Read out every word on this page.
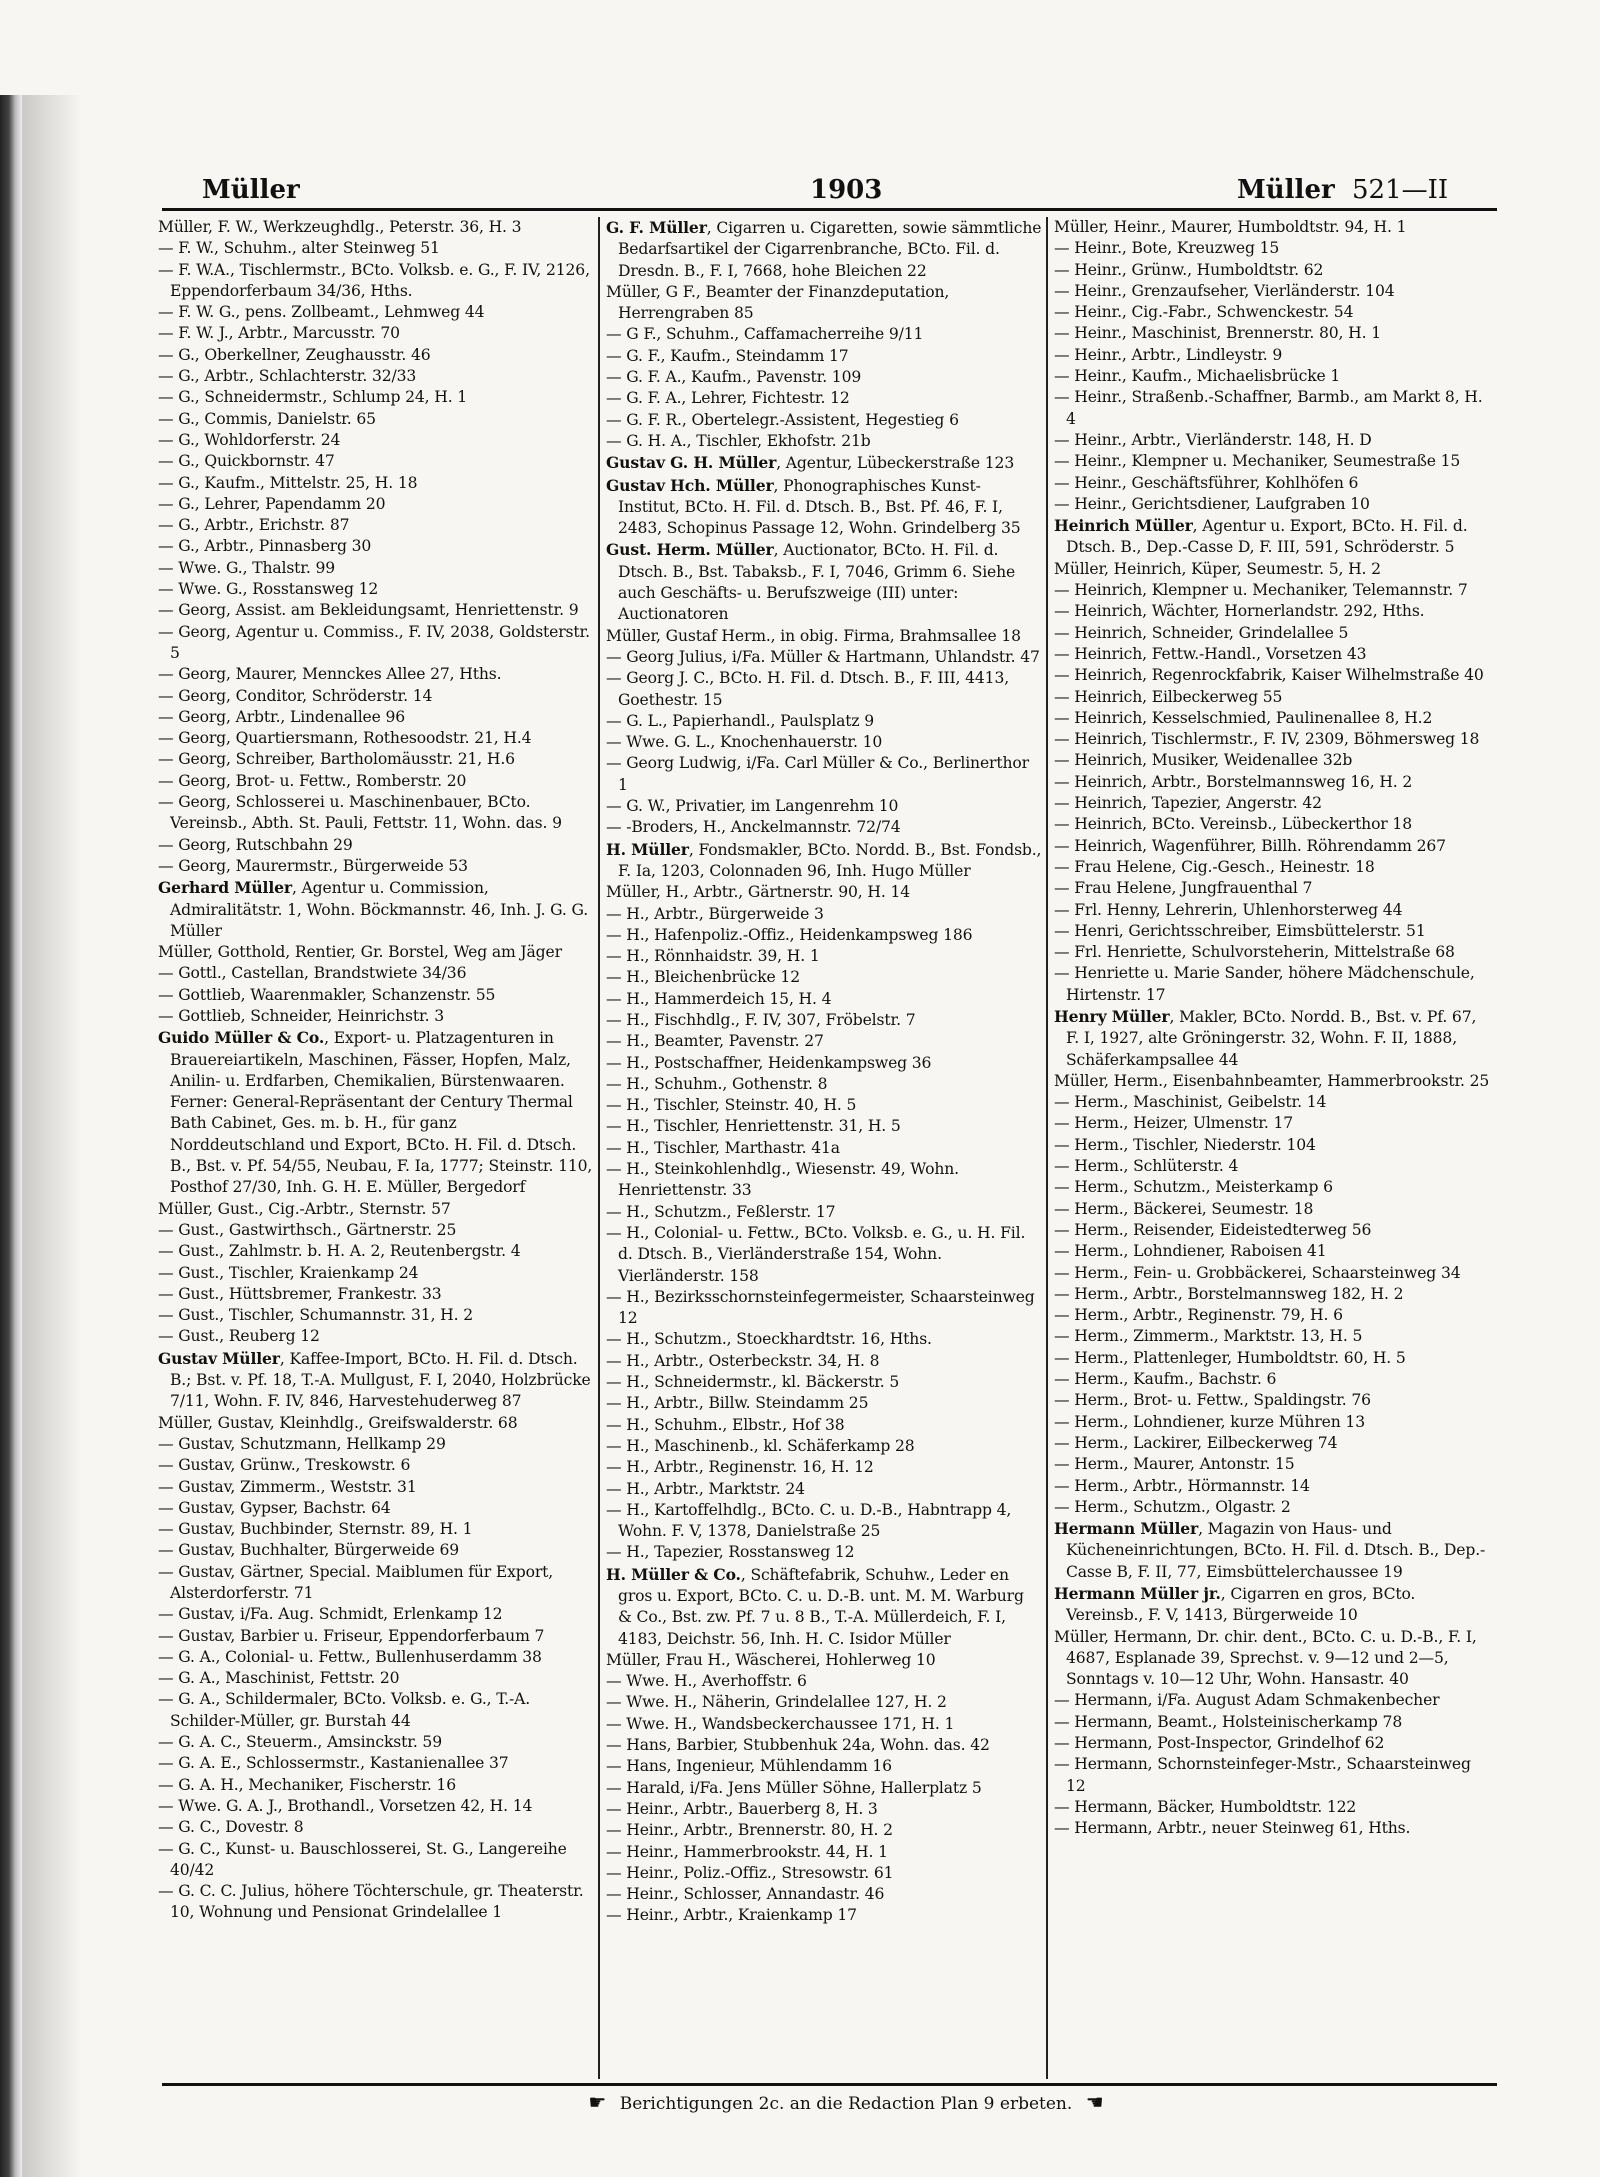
Müller	1903	Müller 521—II

Müller, F. W., Werkzeughdlg., Peterstr. 36, H. 3

— F. W., Schuhm., alter Steinweg 51

— F. W.A., Tischlermstr., BCto. Volksb. e. G., F. IV, 2126, Eppendorferbaum 34/36, Hths.

— F. W. G., pens. Zollbeamt., Lehmweg 44

— F. W. J., Arbtr., Marcusstr. 70

— G., Oberkellner, Zeughausstr. 46

— G., Arbtr., Schlachterstr. 32/33

— G., Schneidermstr., Schlump 24, H. 1

— G., Commis, Danielstr. 65

— G., Wohldorferstr. 24

— G., Quickbornstr. 47

— G., Kaufm., Mittelstr. 25, H. 18

— G., Lehrer, Papendamm 20

— G., Arbtr., Erichstr. 87

— G., Arbtr., Pinnasberg 30

— Wwe. G., Thalstr. 99

— Wwe. G., Rosstansweg 12

— Georg, Assist. am Bekleidungsamt, Henriettenstr. 9

— Georg, Agentur u. Commiss., F. IV, 2038, Goldsterstr. 5

— Georg, Maurer, Mennckes Allee 27, Hths.

— Georg, Conditor, Schröderstr. 14

— Georg, Arbtr., Lindenallee 96

— Georg, Quartiersmann, Rothesoodstr. 21, H.4

— Georg, Schreiber, Bartholomäusstr. 21, H.6

— Georg, Brot- u. Fettw., Romberstr. 20

— Georg, Schlosserei u. Maschinenbauer, BCto. Vereinsb., Abth. St. Pauli, Fettstr. 11, Wohn. das. 9

— Georg, Rutschbahn 29

— Georg, Maurermstr., Bürgerweide 53

Gerhard Müller, Agentur u. Commission, Admiralitätstr. 1, Wohn. Böckmannstr. 46, Inh. J. G. G. Müller

Müller, Gotthold, Rentier, Gr. Borstel, Weg am Jäger

— Gottl., Castellan, Brandstwiete 34/36

— Gottlieb, Waarenmakler, Schanzenstr. 55

— Gottlieb, Schneider, Heinrichstr. 3

Guido Müller & Co., Export- u. Platzagenturen in Brauereiartikeln, Maschinen, Fässer, Hopfen, Malz, Anilin- u. Erdfarben, Chemikalien, Bürstenwaaren. Ferner: General-Repräsentant der Century Thermal Bath Cabinet, Ges. m. b. H., für ganz Norddeutschland und Export, BCto. H. Fil. d. Dtsch. B., Bst. v. Pf. 54/55, Neubau, F. Ia, 1777; Steinstr. 110, Posthof 27/30, Inh. G. H. E. Müller, Bergedorf

Müller, Gust., Cig.-Arbtr., Sternstr. 57

— Gust., Gastwirthsch., Gärtnerstr. 25

— Gust., Zahlmstr. b. H. A. 2, Reutenbergstr. 4

— Gust., Tischler, Kraienkamp 24

— Gust., Hüttsbremer, Frankestr. 33

— Gust., Tischler, Schumannstr. 31, H. 2

— Gust., Reuberg 12

Gustav Müller, Kaffee-Import, BCto. H. Fil. d. Dtsch. B.; Bst. v. Pf. 18, T.-A. Mullgust, F. I, 2040, Holzbrücke 7/11, Wohn. F. IV, 846, Harvestehuderweg 87

Müller, Gustav, Kleinhdlg., Greifswalderstr. 68

— Gustav, Schutzmann, Hellkamp 29

— Gustav, Grünw., Treskowstr. 6

— Gustav, Zimmerm., Weststr. 31

— Gustav, Gypser, Bachstr. 64

— Gustav, Buchbinder, Sternstr. 89, H. 1

— Gustav, Buchhalter, Bürgerweide 69

— Gustav, Gärtner, Special. Maiblumen für Export, Alsterdorferstr. 71

— Gustav, i/Fa. Aug. Schmidt, Erlenkamp 12

— Gustav, Barbier u. Friseur, Eppendorferbaum 7

— G. A., Colonial- u. Fettw., Bullenhuserdamm 38

— G. A., Maschinist, Fettstr. 20

— G. A., Schildermaler, BCto. Volksb. e. G., T.-A. Schilder-Müller, gr. Burstah 44

— G. A. C., Steuerm., Amsinckstr. 59

— G. A. E., Schlossermstr., Kastanienallee 37

— G. A. H., Mechaniker, Fischerstr. 16

— Wwe. G. A. J., Brothandl., Vorsetzen 42, H. 14

— G. C., Dovestr. 8

— G. C., Kunst- u. Bauschlosserei, St. G., Langereihe 40/42

— G. C. C. Julius, höhere Töchterschule, gr. Theaterstr. 10, Wohnung und Pensionat Grindelallee 1

G. F. Müller, Cigarren u. Cigaretten, sowie sämmtliche Bedarfsartikel der Cigarrenbranche, BCto. Fil. d. Dresdn. B., F. I, 7668, hohe Bleichen 22

Müller, G F., Beamter der Finanzdeputation, Herrengraben 85

— G F., Schuhm., Caffamacherreihe 9/11

— G. F., Kaufm., Steindamm 17

— G. F. A., Kaufm., Pavenstr. 109

— G. F. A., Lehrer, Fichtestr. 12

— G. F. R., Obertelegr.-Assistent, Hegestieg 6

— G. H. A., Tischler, Ekhofstr. 21b

Gustav G. H. Müller, Agentur, Lübeckerstraße 123

Gustav Hch. Müller, Phonographisches Kunst-Institut, BCto. H. Fil. d. Dtsch. B., Bst. Pf. 46, F. I, 2483, Schopinus Passage 12, Wohn. Grindelberg 35

Gust. Herm. Müller, Auctionator, BCto. H. Fil. d. Dtsch. B., Bst. Tabaksb., F. I, 7046, Grimm 6. Siehe auch Geschäfts- u. Berufszweige (III) unter: Auctionatoren

Müller, Gustaf Herm., in obig. Firma, Brahmsallee 18

— Georg Julius, i/Fa. Müller & Hartmann, Uhlandstr. 47

— Georg J. C., BCto. H. Fil. d. Dtsch. B., F. III, 4413, Goethestr. 15

— G. L., Papierhandl., Paulsplatz 9

— Wwe. G. L., Knochenhauerstr. 10

— Georg Ludwig, i/Fa. Carl Müller & Co., Berlinerthor 1

— G. W., Privatier, im Langenrehm 10

— -Broders, H., Anckelmannstr. 72/74

H. Müller, Fondsmakler, BCto. Nordd. B., Bst. Fondsb., F. Ia, 1203, Colonnaden 96, Inh. Hugo Müller

Müller, H., Arbtr., Gärtnerstr. 90, H. 14

— H., Arbtr., Bürgerweide 3

— H., Hafenpoliz.-Offiz., Heidenkampsweg 186

— H., Rönnhaidstr. 39, H. 1

— H., Bleichenbrücke 12

— H., Hammerdeich 15, H. 4

— H., Fischhdlg., F. IV, 307, Fröbelstr. 7

— H., Beamter, Pavenstr. 27

— H., Postschaffner, Heidenkampsweg 36

— H., Schuhm., Gothenstr. 8

— H., Tischler, Steinstr. 40, H. 5

— H., Tischler, Henriettenstr. 31, H. 5

— H., Tischler, Marthastr. 41a

— H., Steinkohlenhdlg., Wiesenstr. 49, Wohn. Henriettenstr. 33

— H., Schutzm., Feßlerstr. 17

— H., Colonial- u. Fettw., BCto. Volksb. e. G., u. H. Fil. d. Dtsch. B., Vierländerstraße 154, Wohn. Vierländerstr. 158

— H., Bezirksschornsteinfegermeister, Schaarsteinweg 12

— H., Schutzm., Stoeckhardtstr. 16, Hths.

— H., Arbtr., Osterbeckstr. 34, H. 8

— H., Schneidermstr., kl. Bäckerstr. 5

— H., Arbtr., Billw. Steindamm 25

— H., Schuhm., Elbstr., Hof 38

— H., Maschinenb., kl. Schäferkamp 28

— H., Arbtr., Reginenstr. 16, H. 12

— H., Arbtr., Marktstr. 24

— H., Kartoffelhdlg., BCto. C. u. D.-B., Habntrapp 4, Wohn. F. V, 1378, Danielstraße 25

— H., Tapezier, Rosstansweg 12

H. Müller & Co., Schäftefabrik, Schuhw., Leder en gros u. Export, BCto. C. u. D.-B. unt. M. M. Warburg & Co., Bst. zw. Pf. 7 u. 8 B., T.-A. Müllerdeich, F. I, 4183, Deichstr. 56, Inh. H. C. Isidor Müller

Müller, Frau H., Wäscherei, Hohlerweg 10

— Wwe. H., Averhoffstr. 6

— Wwe. H., Näherin, Grindelallee 127, H. 2

— Wwe. H., Wandsbeckerchaussee 171, H. 1

— Hans, Barbier, Stubbenhuk 24a, Wohn. das. 42

— Hans, Ingenieur, Mühlendamm 16

— Harald, i/Fa. Jens Müller Söhne, Hallerplatz 5

— Heinr., Arbtr., Bauerberg 8, H. 3

— Heinr., Arbtr., Brennerstr. 80, H. 2

— Heinr., Hammerbrookstr. 44, H. 1

— Heinr., Poliz.-Offiz., Stresowstr. 61

— Heinr., Schlosser, Annandastr. 46

— Heinr., Arbtr., Kraienkamp 17

Müller, Heinr., Maurer, Humboldtstr. 94, H. 1

— Heinr., Bote, Kreuzweg 15

— Heinr., Grünw., Humboldtstr. 62

— Heinr., Grenzaufseher, Vierländerstr. 104

— Heinr., Cig.-Fabr., Schwenckestr. 54

— Heinr., Maschinist, Brennerstr. 80, H. 1

— Heinr., Arbtr., Lindleystr. 9

— Heinr., Kaufm., Michaelisbrücke 1

— Heinr., Straßenb.-Schaffner, Barmb., am Markt 8, H. 4

— Heinr., Arbtr., Vierländerstr. 148, H. D

— Heinr., Klempner u. Mechaniker, Seumestraße 15

— Heinr., Geschäftsführer, Kohlhöfen 6

— Heinr., Gerichtsdiener, Laufgraben 10

Heinrich Müller, Agentur u. Export, BCto. H. Fil. d. Dtsch. B., Dep.-Casse D, F. III, 591, Schröderstr. 5

Müller, Heinrich, Küper, Seumestr. 5, H. 2

— Heinrich, Klempner u. Mechaniker, Telemannstr. 7

— Heinrich, Wächter, Hornerlandstr. 292, Hths.

— Heinrich, Schneider, Grindelallee 5

— Heinrich, Fettw.-Handl., Vorsetzen 43

— Heinrich, Regenrockfabrik, Kaiser Wilhelmstraße 40

— Heinrich, Eilbeckerweg 55

— Heinrich, Kesselschmied, Paulinenallee 8, H.2

— Heinrich, Tischlermstr., F. IV, 2309, Böhmersweg 18

— Heinrich, Musiker, Weidenallee 32b

— Heinrich, Arbtr., Borstelmannsweg 16, H. 2

— Heinrich, Tapezier, Angerstr. 42

— Heinrich, BCto. Vereinsb., Lübeckerthor 18

— Heinrich, Wagenführer, Billh. Röhrendamm 267

— Frau Helene, Cig.-Gesch., Heinestr. 18

— Frau Helene, Jungfrauenthal 7

— Frl. Henny, Lehrerin, Uhlenhorsterweg 44

— Henri, Gerichtsschreiber, Eimsbüttelerstr. 51

— Frl. Henriette, Schulvorsteherin, Mittelstraße 68

— Henriette u. Marie Sander, höhere Mädchenschule, Hirtenstr. 17

Henry Müller, Makler, BCto. Nordd. B., Bst. v. Pf. 67, F. I, 1927, alte Gröningerstr. 32, Wohn. F. II, 1888, Schäferkampsallee 44

Müller, Herm., Eisenbahnbeamter, Hammerbrookstr. 25

— Herm., Maschinist, Geibelstr. 14

— Herm., Heizer, Ulmenstr. 17

— Herm., Tischler, Niederstr. 104

— Herm., Schlüterstr. 4

— Herm., Schutzm., Meisterkamp 6

— Herm., Bäckerei, Seumestr. 18

— Herm., Reisender, Eideistedterweg 56

— Herm., Lohndiener, Raboisen 41

— Herm., Fein- u. Grobbäckerei, Schaarsteinweg 34

— Herm., Arbtr., Borstelmannsweg 182, H. 2

— Herm., Arbtr., Reginenstr. 79, H. 6

— Herm., Zimmerm., Marktstr. 13, H. 5

— Herm., Plattenleger, Humboldtstr. 60, H. 5

— Herm., Kaufm., Bachstr. 6

— Herm., Brot- u. Fettw., Spaldingstr. 76

— Herm., Lohndiener, kurze Mühren 13

— Herm., Lackirer, Eilbeckerweg 74

— Herm., Maurer, Antonstr. 15

— Herm., Arbtr., Hörmannstr. 14

— Herm., Schutzm., Olgastr. 2

Hermann Müller, Magazin von Haus- und Kücheneinrichtungen, BCto. H. Fil. d. Dtsch. B., Dep.-Casse B, F. II, 77, Eimsbüttelerchaussee 19

Hermann Müller jr., Cigarren en gros, BCto. Vereinsb., F. V, 1413, Bürgerweide 10

Müller, Hermann, Dr. chir. dent., BCto. C. u. D.-B., F. I, 4687, Esplanade 39, Sprechst. v. 9—12 und 2—5, Sonntags v. 10—12 Uhr, Wohn. Hansastr. 40

— Hermann, i/Fa. August Adam Schmakenbecher

— Hermann, Beamt., Holsteinischerkamp 78

— Hermann, Post-Inspector, Grindelhof 62

— Hermann, Schornsteinfeger-Mstr., Schaarsteinweg 12

— Hermann, Bäcker, Humboldtstr. 122

— Hermann, Arbtr., neuer Steinweg 61, Hths.

☛ Berichtigungen 2c. an die Redaction Plan 9 erbeten. ☚
